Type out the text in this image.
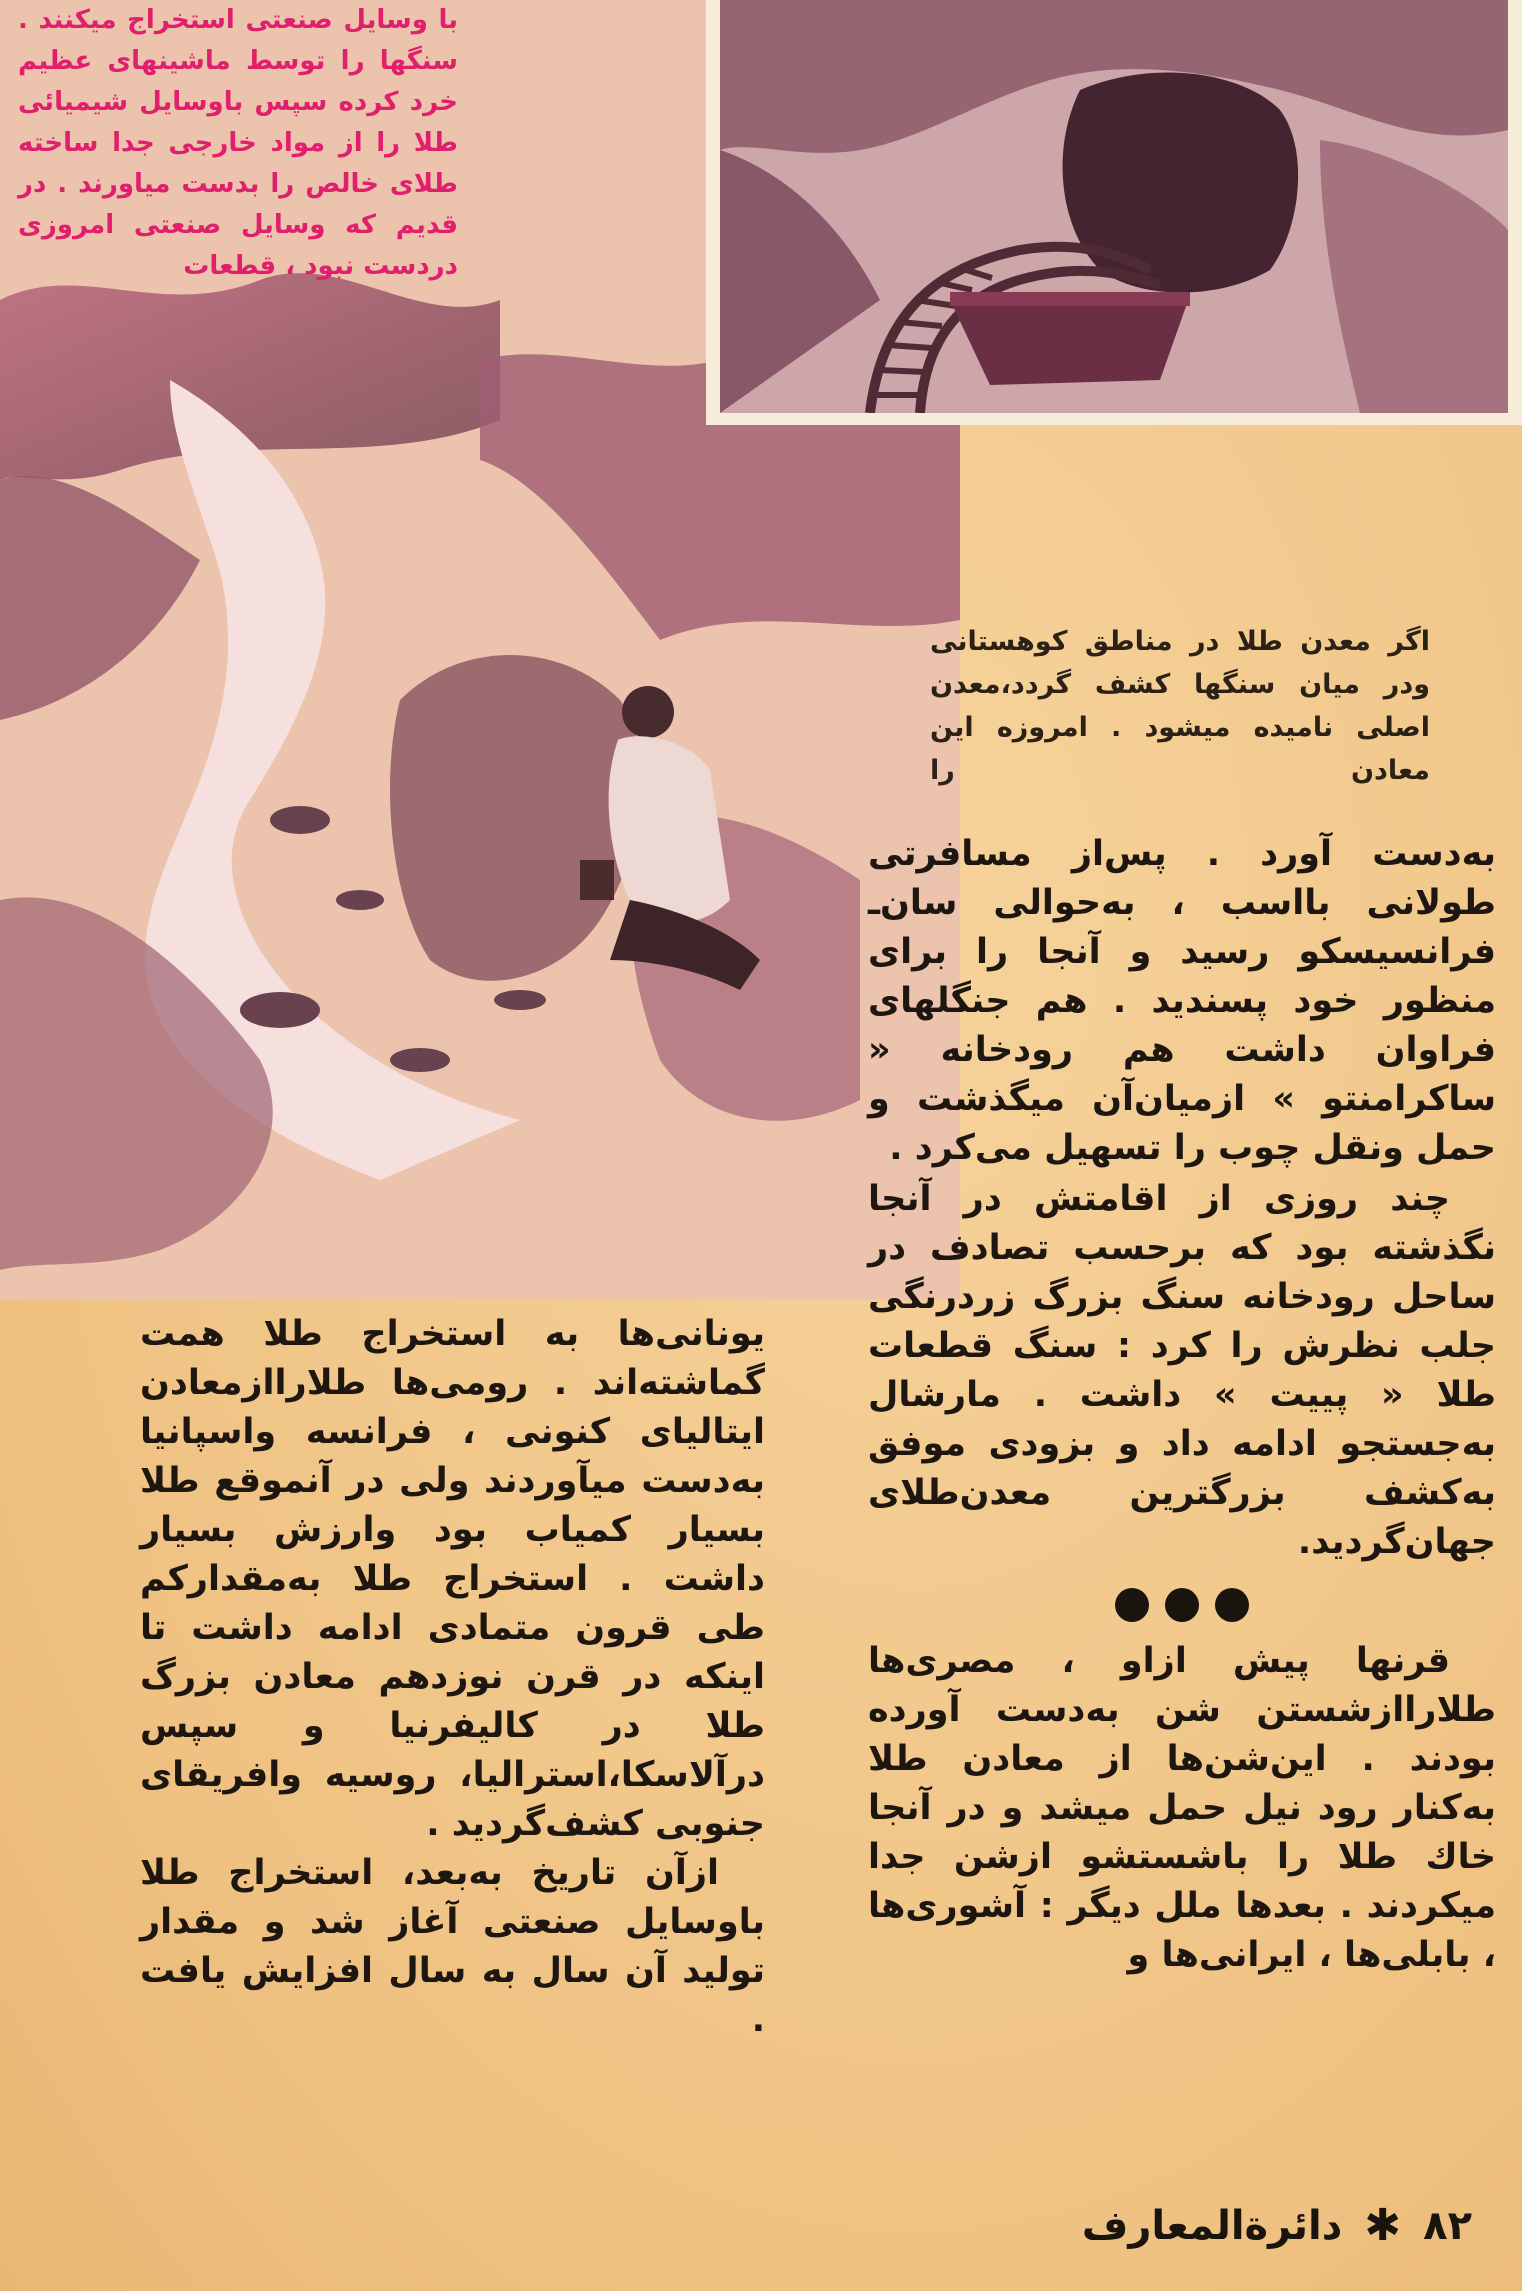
با وسایل صنعتی استخراج میکنند . سنگها را توسط ماشینهای عظیم خرد کرده سپس باوسایل شیمیائی طلا را از مواد خارجی جدا ساخته طلای خالص را بدست میاورند . در قدیم که وسایل صنعتی امروزی دردست نبود ، قطعات
اگر معدن طلا در مناطق کوهستانی ودر میان سنگها کشف گردد،معدن اصلی نامیده میشود . امروزه این معادن را

به‌دست آورد . پس‌از مسافرتی طولانی بااسب ، به‌حوالی سان‌ـ فرانسیسکو رسید و آنجا را برای منظور خود پسندید . هم جنگلهای فراوان داشت هم رودخانه « ساکرامنتو » ازمیان‌آن میگذشت و حمل ونقل چوب را تسهیل می‌کرد .

چند روزی از اقامتش در آنجا نگذشته بود که برحسب تصادف در ساحل رودخانه سنگ بزرگ زردرنگی جلب نظرش را کرد : سنگ قطعات طلا « پییت » داشت . مارشال به‌جستجو ادامه داد و بزودی موفق به‌کشف بزرگترین معدن‌طلای جهان‌گردید.

قرنها پیش ازاو ، مصری‌ها طلاراازشستن شن به‌دست آورده بودند . این‌شن‌ها از معادن طلا به‌کنار رود نیل حمل میشد و در آنجا خاك طلا را باشستشو ازشن جدا میکردند . بعدها ملل دیگر : آشوری‌ها ، بابلی‌ها ، ایرانی‌ها و

یونانی‌ها به استخراج طلا همت گماشته‌اند . رومی‌ها طلاراازمعادن ایتالیای کنونی ، فرانسه واسپانیا به‌دست میآوردند ولی در آنموقع طلا بسیار کمیاب بود وارزش بسیار داشت . استخراج طلا به‌مقدارکم طی قرون متمادی ادامه داشت تا اینکه در قرن نوزدهم معادن بزرگ طلا در کالیفرنیا و سپس درآلاسکا،استرالیا، روسیه وافریقای جنوبی کشف‌گردید .

ازآن تاریخ به‌بعد، استخراج طلا باوسایل صنعتی آغاز شد و مقدار تولید آن سال به سال افزایش یافت .

۸۲
✱
دائرةالمعارف
